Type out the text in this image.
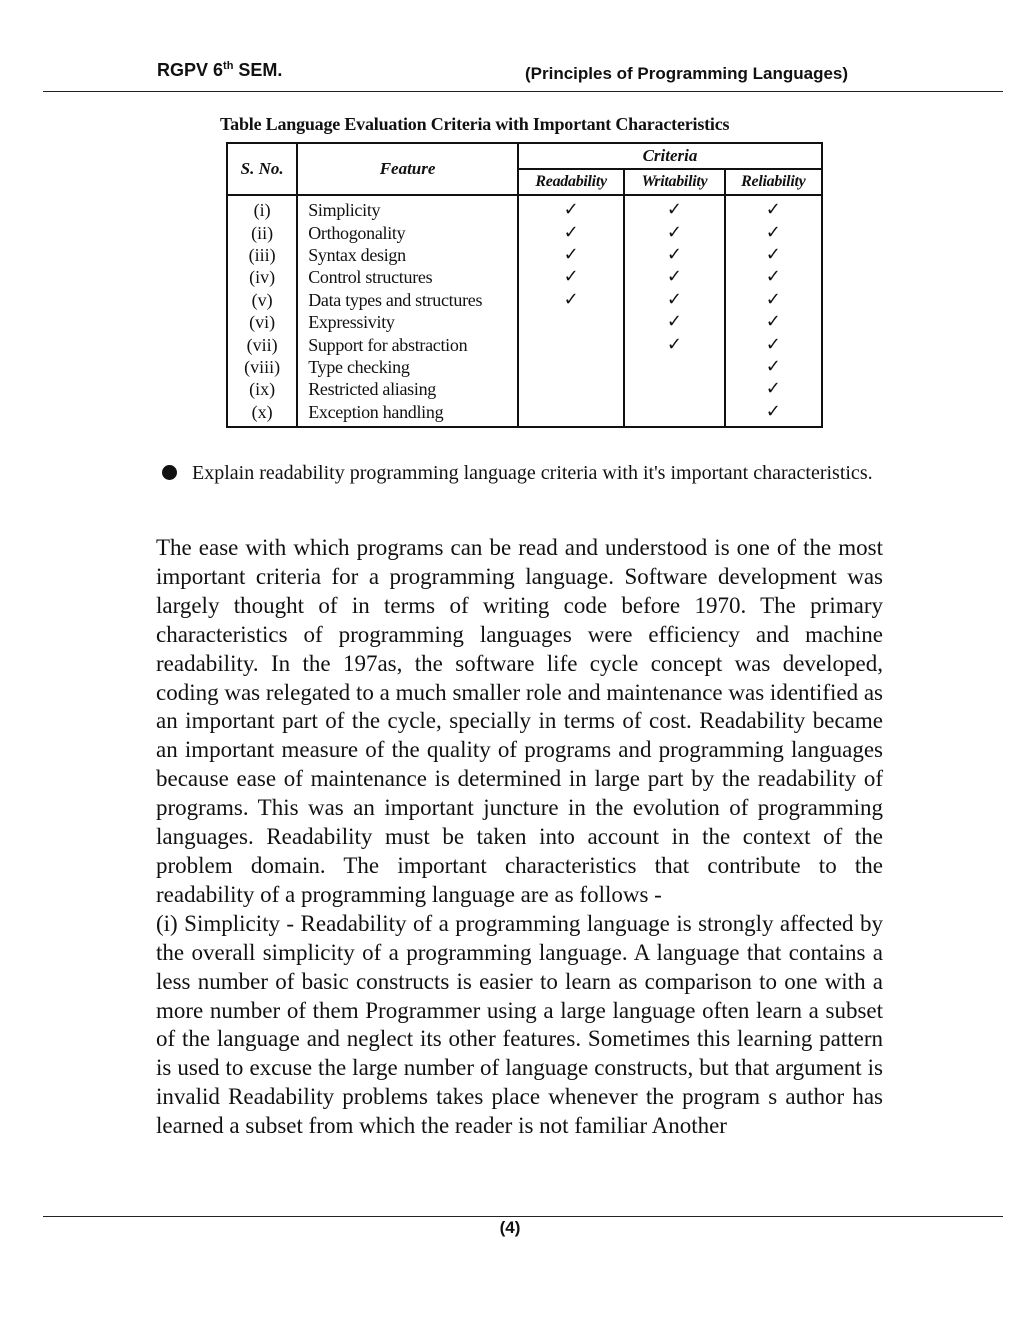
RGPV 6th SEM.	(Principles of Programming Languages)
Table Language Evaluation Criteria with Important Characteristics
S. No.	Feature	Criteria		
		Readability	Writability	Reliability
(i)	Simplicity	✓	✓	✓
(ii)	Orthogonality	✓	✓	✓
(iii)	Syntax design	✓	✓	✓
(iv)	Control structures	✓	✓	✓
(v)	Data types and structures	✓	✓	✓
(vi)	Expressivity		✓	✓
(vii)	Support for abstraction		✓	✓
(viii)	Type checking			✓
(ix)	Restricted aliasing			✓
(x)	Exception handling			✓
Explain readability programming language criteria with it's important characteristics.

The ease with which programs can be read and understood is one of the most important criteria for a programming language. Software development was largely thought of in terms of writing code before 1970. The primary characteristics of programming languages were efficiency and machine readability. In the 197as, the software life cycle concept was developed, coding was relegated to a much smaller role and maintenance was identified as an important part of the cycle, specially in terms of cost. Readability became an important measure of the quality of programs and programming languages because ease of maintenance is determined in large part by the readability of programs. This was an important juncture in the evolution of programming languages. Readability must be taken into account in the context of the problem domain. The important characteristics that contribute to the readability of a programming language are as follows -

(i) Simplicity - Readability of a programming language is strongly affected by the overall simplicity of a programming language. A language that contains a less number of basic constructs is easier to learn as comparison to one with a more number of them Programmer using a large language often learn a subset of the language and neglect its other features. Sometimes this learning pattern is used to excuse the large number of language constructs, but that argument is invalid Readability problems takes place whenever the program s author has learned a subset from which the reader is not familiar Another

(4)
